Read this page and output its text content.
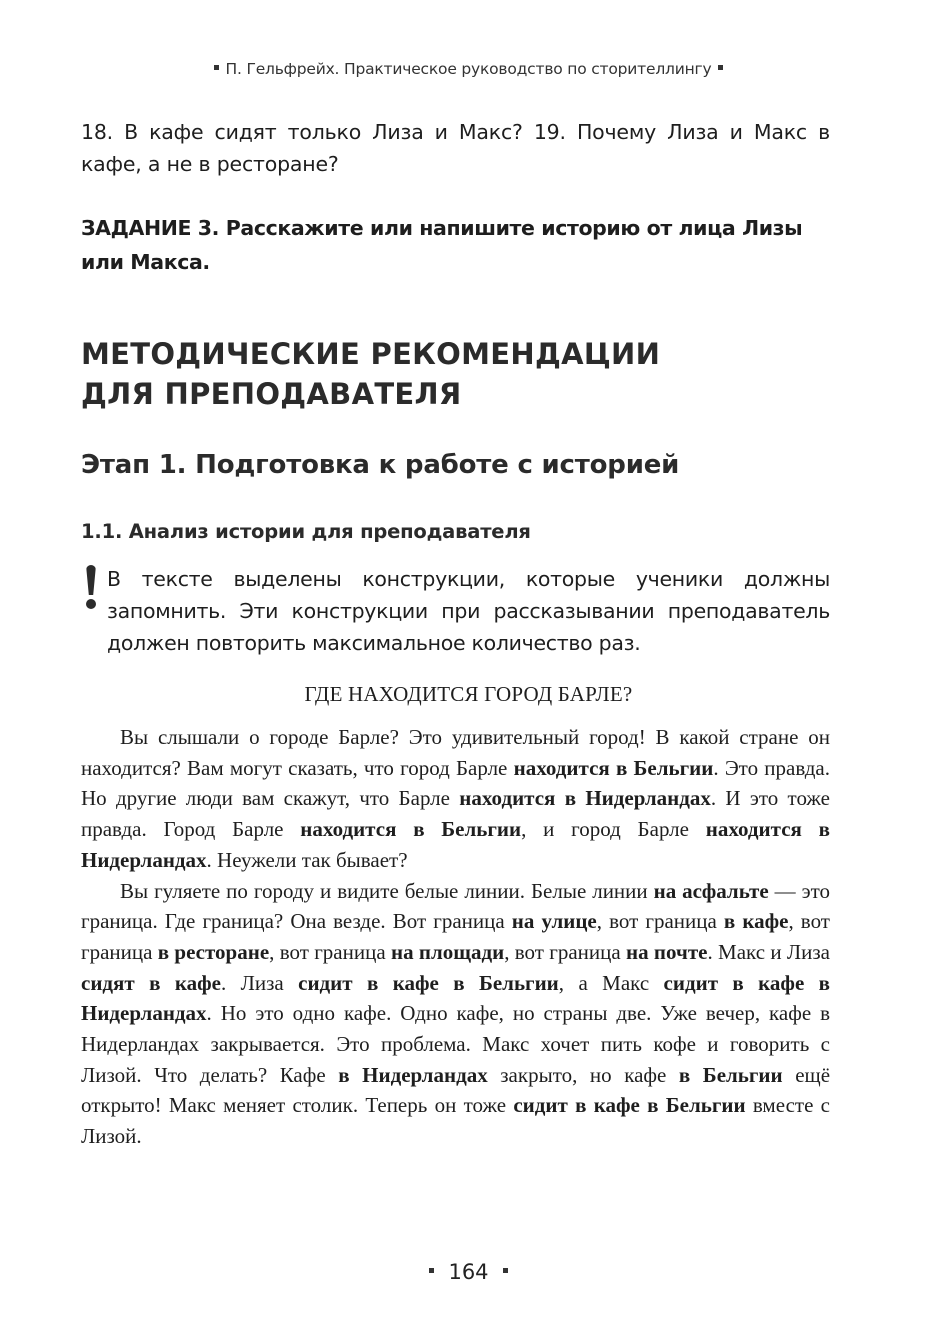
П. Гельфрейх. Практическое руководство по сторителлингу
18. В кафе сидят только Лиза и Макс? 19. Почему Лиза и Макс в кафе, а не в ресторане?
ЗАДАНИЕ 3. Расскажите или напишите историю от лица Лизы или Макса.
МЕТОДИЧЕСКИЕ РЕКОМЕНДАЦИИ
ДЛЯ ПРЕПОДАВАТЕЛЯ
Этап 1. Подготовка к работе с историей
1.1. Анализ истории для преподавателя
В тексте выделены конструкции, которые ученики должны запомнить. Эти конструкции при рассказывании преподаватель должен повторить максимальное количество раз.
ГДЕ НАХОДИТСЯ ГОРОД БАРЛЕ?

Вы слышали о городе Барле? Это удивительный город! В какой стране он находится? Вам могут сказать, что город Барле находится в Бельгии. Это правда. Но другие люди вам скажут, что Барле находится в Нидерландах. И это тоже правда. Город Барле находится в Бельгии, и город Барле находится в Нидерландах. Неужели так бывает?

Вы гуляете по городу и видите белые линии. Белые линии на асфальте — это граница. Где граница? Она везде. Вот граница на улице, вот граница в кафе, вот граница в ресторане, вот граница на площади, вот граница на почте. Макс и Лиза сидят в кафе. Лиза сидит в кафе в Бельгии, а Макс сидит в кафе в Нидерландах. Но это одно кафе. Одно кафе, но страны две. Уже вечер, кафе в Нидерландах закрывается. Это проблема. Макс хочет пить кофе и говорить с Лизой. Что делать? Кафе в Нидерландах закрыто, но кафе в Бельгии ещё открыто! Макс меняет столик. Теперь он тоже сидит в кафе в Бельгии вместе с Лизой.

164
